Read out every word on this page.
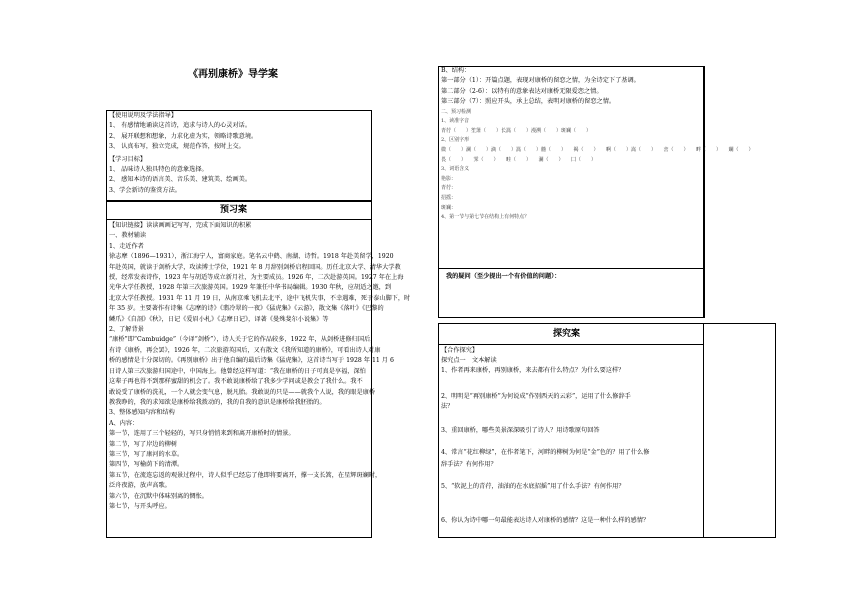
《再别康桥》导学案
【使用说明及学法指导】
1、 有感情地诵读这首诗，追求与诗人的心灵对话。
2、 展开联想和想象，力求化虚为实，领略诗歌意境。
3、 认真布写，独立完成，规范作答，按时上交。
【学习目标】
1、 品味诗人独具特色的意象选择。
2、 感知本诗的语言美、音乐美、建筑美、绘画美。
3、学会新诗的鉴赏方法。
预习案
【知识链接】读读画画记写写，完成下面知识的积累
一、教材辅读
1、走近作者
徐志摩（1896—1931），浙江海宁人，富商家庭。笔名云中鹤、南湖、诗哲。1918 年赴美留学，1920
年赴英国，就读于剑桥大学，攻读博士学位，1921 年 8 月辞别剑桥启程回国。历任北京大学、清华大学教
授，经常发表诗作，1923 年与胡适等成立新月社，为主要成员。1926 年，二次赴游英国。1927 年在上海
光华大学任教授，1928 年第三次旅游英国。1929 年兼任中华书局编辑。1930 年秋，应胡适之邀，到
北京大学任教授。1931 年 11 月 19 日，从南京乘飞机去北平，途中飞机失事，不幸遇难，死于泰山脚下，时
年 35 岁。主要著作有诗集《志摩的诗》《翡冷翠的一夜》《猛虎集》《云游》，散文集《落叶》《巴黎的
鳞爪》《自剖》《秋》，日记《爱眉小札》《志摩日记》，译著《曼殊斐尔小说集》等
2、了解背景
“康桥”即“Cambuidge”（今译“剑桥”），诗人关于它的作品较多，1922 年，从剑桥进修归国后，
有诗《康桥，再会罢》，1926 年，二次旅游英国后，又有散文《我所知道的康桥》，可看出诗人对康
桥的感情是十分深切的。《再别康桥》出于他自编的最后诗集《猛虎集》，这首诗当写于 1928 年 11 月 6
日诗人第三次旅游归国途中，中国海上。他曾经这样写道：“我在康桥的日子可真是享福，深怕
这辈子再也得不到那样蜜甜的机会了。我不敢说康桥给了我多少学问或是教会了我什么。我不
敢说受了康桥的洗礼，一个人就会变气息，脱凡胎。我敢说的只是——就我个人说，我的眼是康桥
教我睁的，我的求知欲是康桥给我拨动的，我的自我的意识是康桥给我胚胎的。
3、整体感知内容和结构
A、内容：
第一节，连用了三个轻轻的，写只身悄悄来到和离开康桥时的情景。
第二节，写了岸边的柳树
第三节，写了康河的水草。
第四节，写榆荫下的清潭。
第五节，在流连忘返的观景过程中，诗人似乎已经忘了他即将要离开，撑一支长篙，在星辉斑斓时，
泛舟夜游，放声高歌。
第六节，在沉默中体味别离的惆怅。
第七节，与开头呼应。
B、结构：
第一部分（1）：开篇点题，表现对康桥的留恋之情，为全诗定下了基调。
第二部分（2-6）：以特有的意象表达对康桥无限爱恋之情。
第三部分（7）：照应开头，承上总结，表明对康桥的留恋之情。
二、预习检测
1、读准字音
青荇（　　）笙箫（　　）长篙（　　）漫溯（　　）斑斓（　　）
2、区别字形
微（　　）澜（　　）滴（　　）篙（　　）髓（　　）　　褐（　　）　　啊（　　）嵩（　　）　　峦（　　）　　畔（　　）　　斓（　　）
畏（　　）　　霁（　　）　　畦（　　）　　澜（　　）　　囗（　　）
3、词语含义
艳影：
青荇：
招摇：
斑斓：
4、第一节与第七节在结构上有何特点？
我的疑问（至少提出一个有价值的问题）：
探究案
【合作探究】
探究点一　文本解读
1、作者再来康桥，再别康桥，来去都有什么特点？为什么要这样？
2、明明是“再别康桥”为何说成“作别西天的云彩”，运用了什么修辞手
法？
3、重回康桥，哪些美景深深吸引了诗人？用诗歌原句回答
4、常言“花红柳绿”，在作者笔下，河畔的柳树为何是“金”色的？用了什么修
辞手法？有何作用？
5、“软泥上的青荇，油油的在水底招摇”用了什么手法？有何作用？
6、你认为诗中哪一句最能表达诗人对康桥的感情？这是一种什么样的感情？
